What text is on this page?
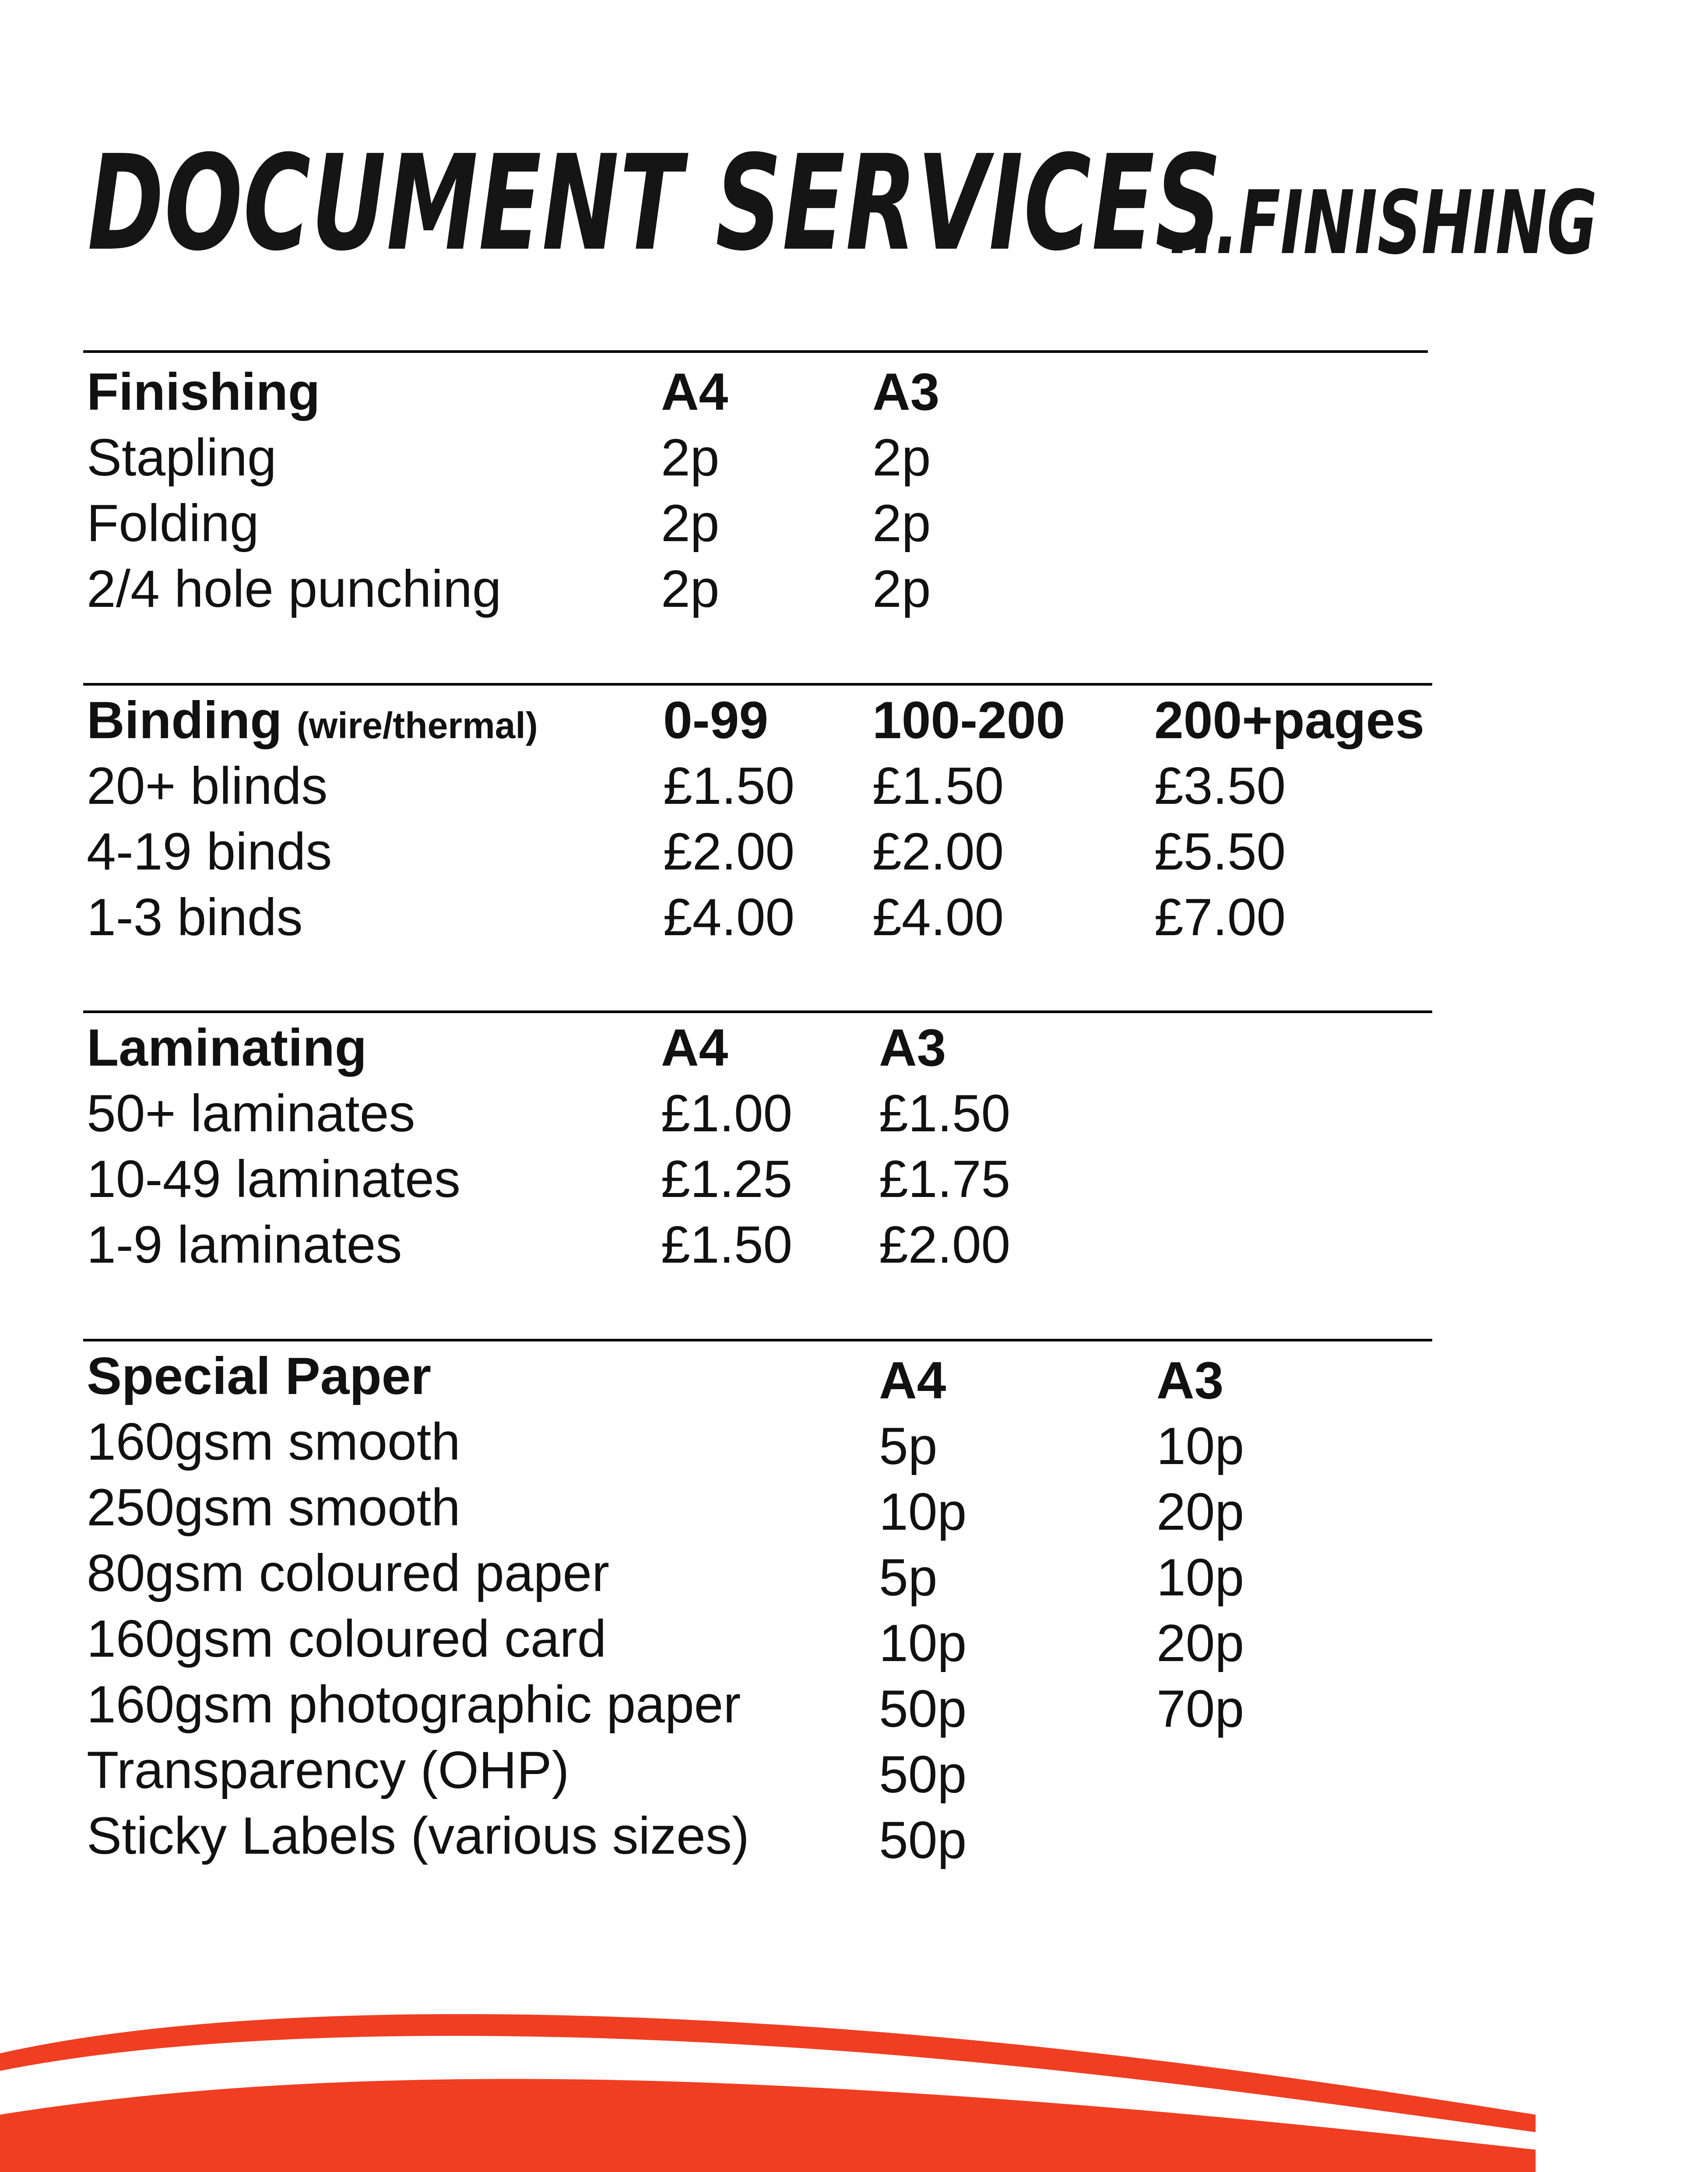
DOCUMENT SERVICES
...FINISHING
Finishing	A4	A3
Stapling	2p	2p
Folding	2p	2p
2/4 hole punching	2p	2p
Binding (wire/thermal) 0-99 100-200 200+pages
20+ blinds	£1.50 £1.50	£3.50
4-19 binds	£2.00 £2.00	£5.50
1-3 binds	£4.00 £4.00	£7.00
Laminating	A4	A3
50+ laminates	£1.00 £1.50
10-49 laminates	£1.25 £1.75
1-9 laminates	£1.50 £2.00
Special Paper	A4	A3
160gsm smooth	5p	10p
250gsm smooth	10p	20p
80gsm coloured paper	5p	10p
160gsm coloured card	10p	20p
160gsm photographic paper	50p	70p
Transparency (OHP)	50p
Sticky Labels (various sizes) 50p
